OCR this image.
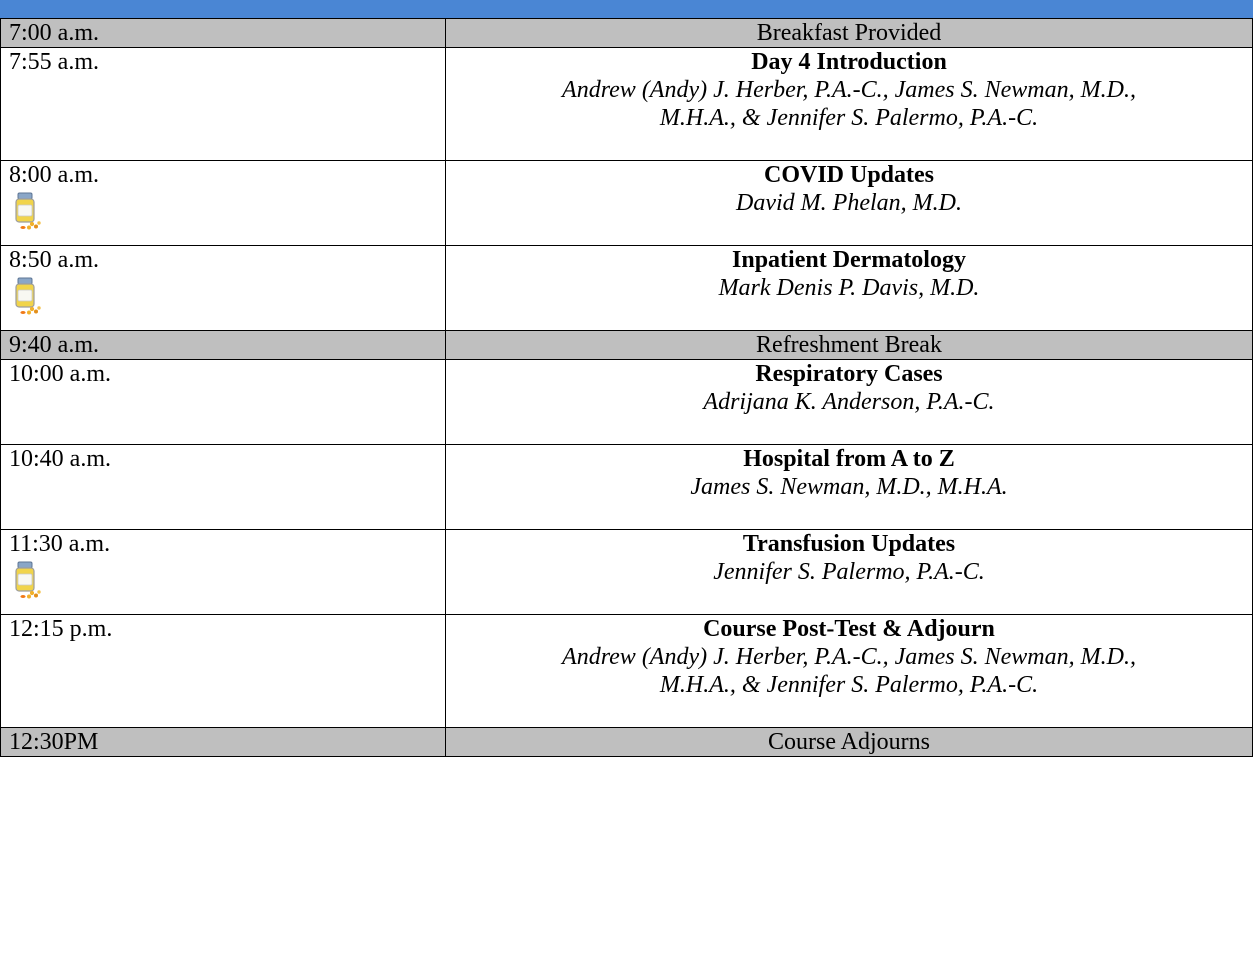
7:00 a.m.	Breakfast Provided
7:55 a.m.	Day 4 Introduction
Andrew (Andy) J. Herber, P.A.-C., James S. Newman, M.D.,
M.H.A., & Jennifer S. Palermo, P.A.-C.

8:00 a.m.	COVID Updates
David M. Phelan, M.D.

8:50 a.m.	Inpatient Dermatology
Mark Denis P. Davis, M.D.

9:40 a.m.	Refreshment Break
10:00 a.m.	Respiratory Cases
Adrijana K. Anderson, P.A.-C.

10:40 a.m.	Hospital from A to Z
James S. Newman, M.D., M.H.A.

11:30 a.m.	Transfusion Updates
Jennifer S. Palermo, P.A.-C.

12:15 p.m.	Course Post-Test & Adjourn
Andrew (Andy) J. Herber, P.A.-C., James S. Newman, M.D.,
M.H.A., & Jennifer S. Palermo, P.A.-C.

12:30PM	Course Adjourns
